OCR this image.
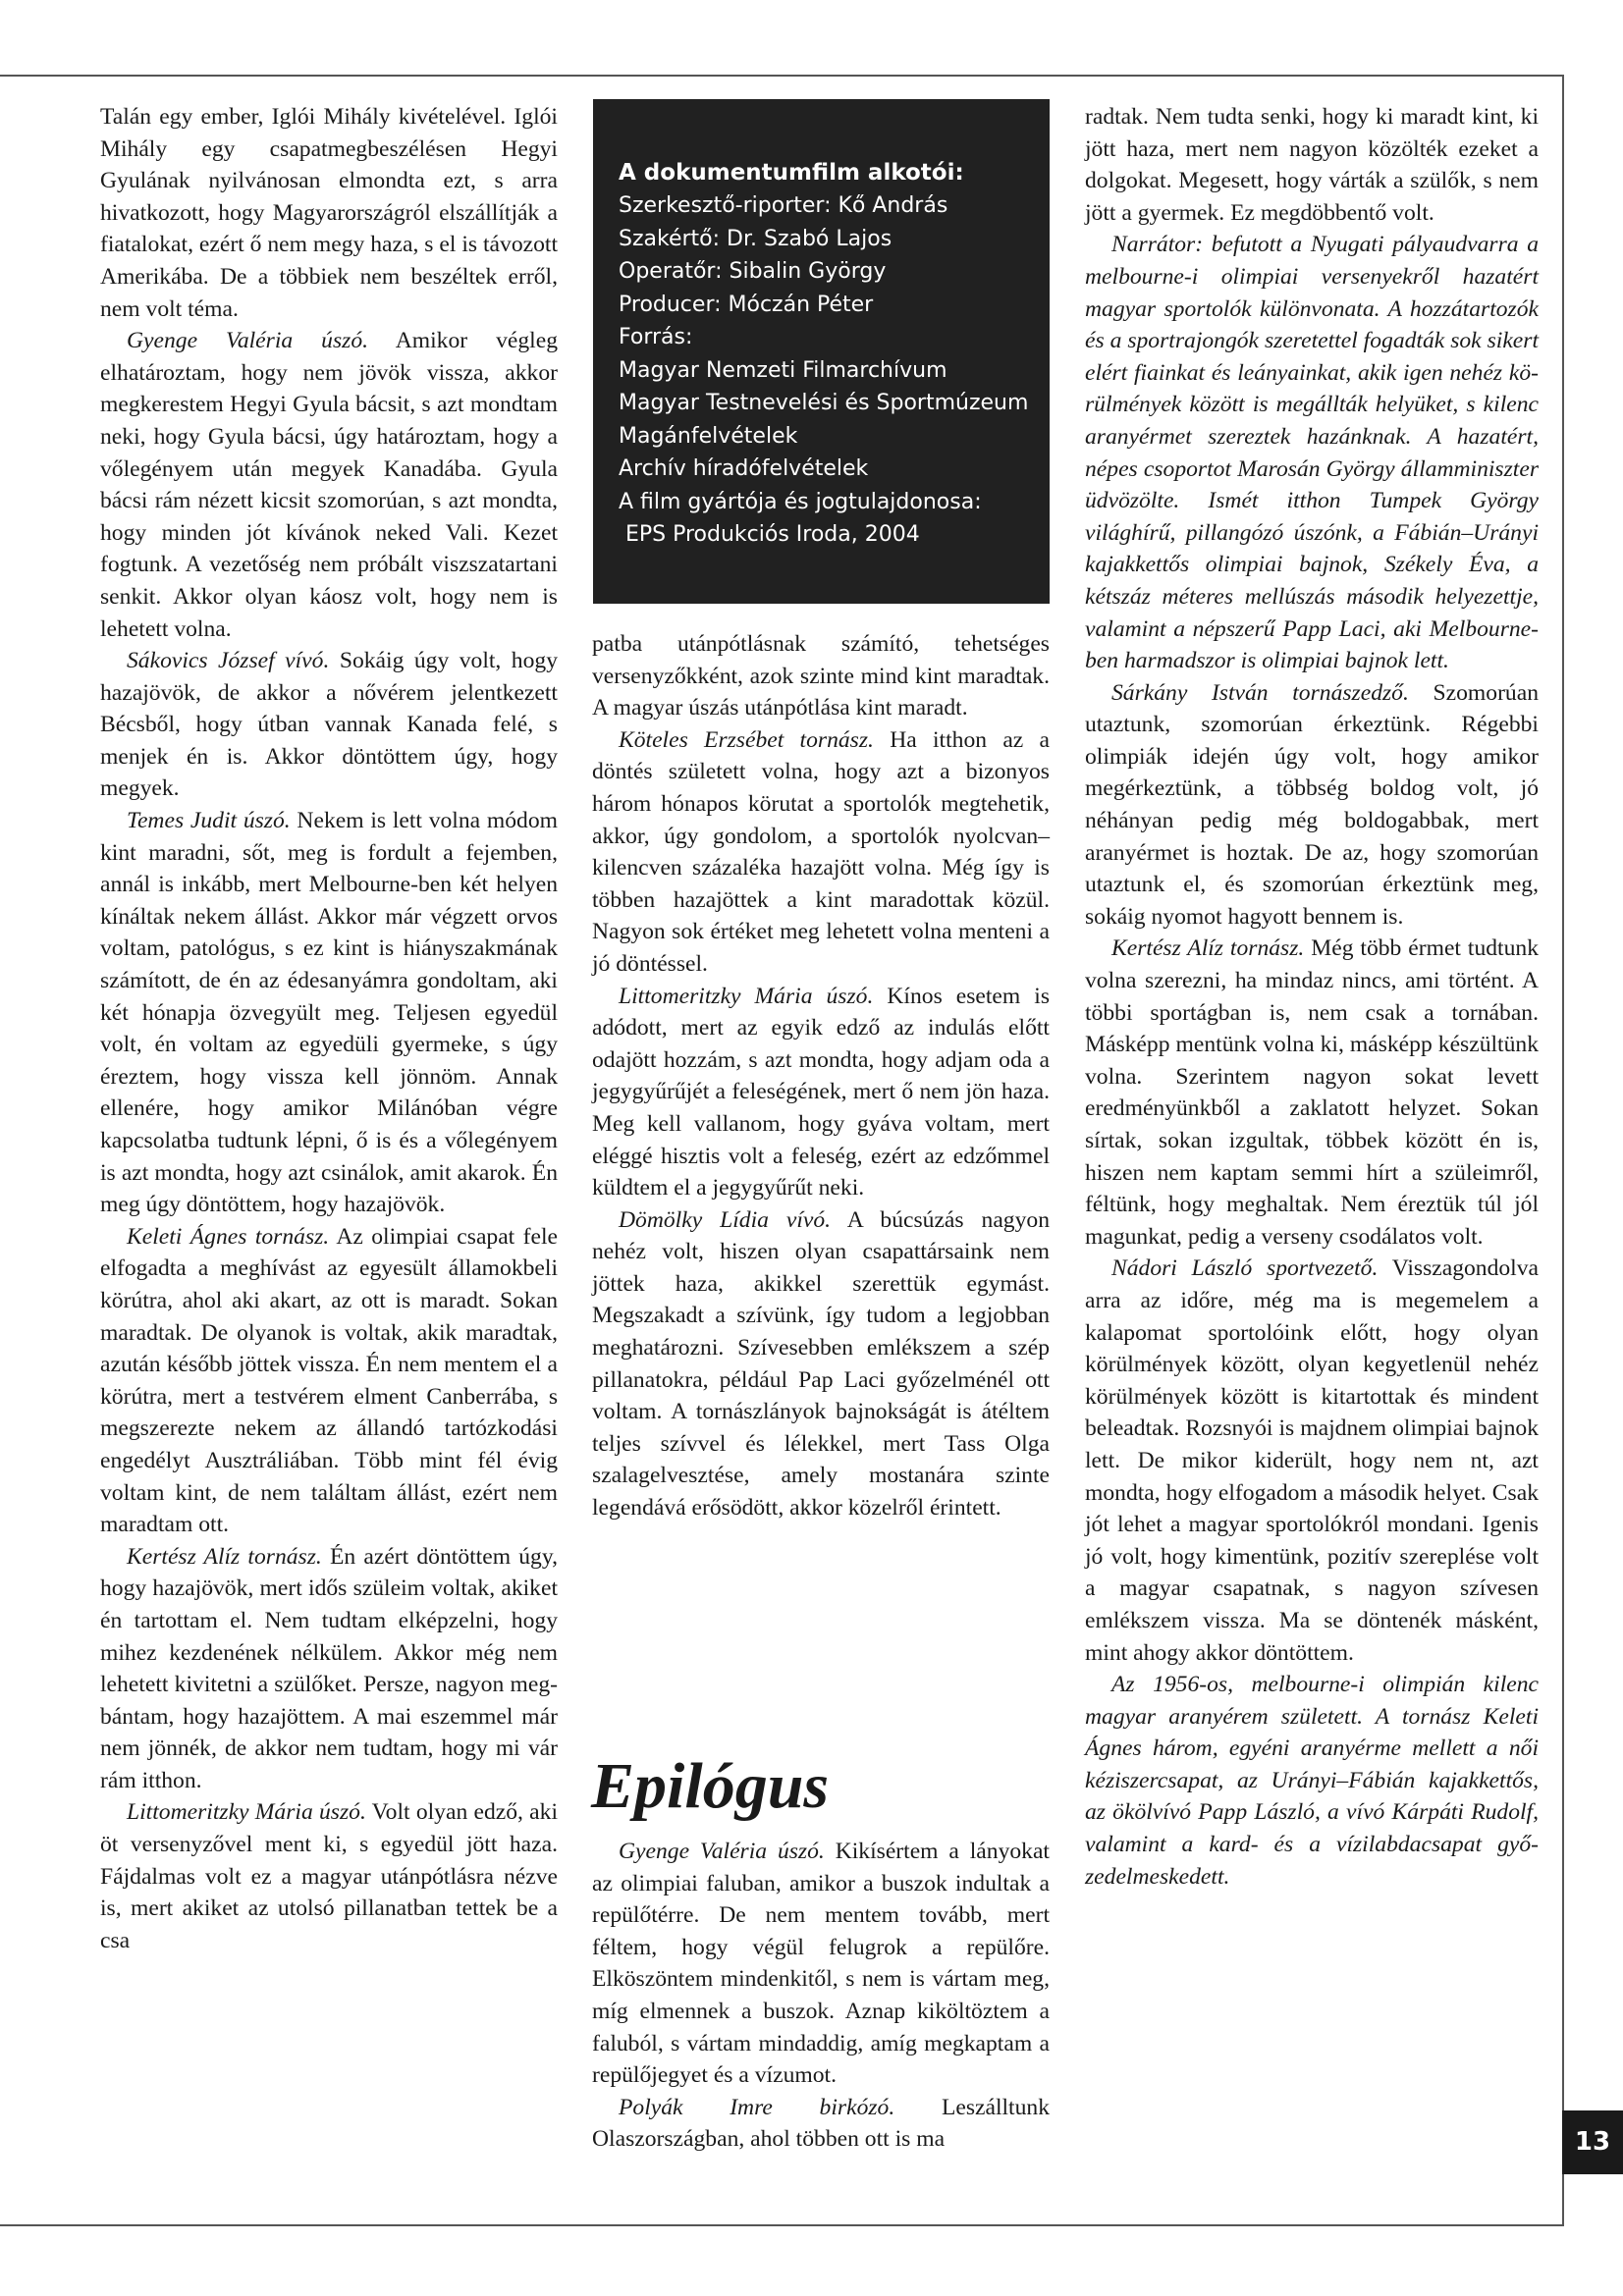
Talán egy ember, Iglói Mihály kivételével. Iglói Mihály egy csapatmegbeszélésen Hegyi Gyulának nyilvánosan elmondta ezt, s arra hivatkozott, hogy Magyarországról elszállítják a fiatalokat, ezért ő nem megy haza, s el is távozott Amerikába. De a többiek nem beszéltek erről, nem volt téma.

Gyenge Valéria úszó. Amikor végleg elhatároztam, hogy nem jövök vissza, akkor megkerestem Hegyi Gyula bácsit, s azt mondtam neki, hogy Gyula bácsi, úgy határoztam, hogy a vőlegényem után megyek Kanadába. Gyula bácsi rám nézett kicsit szomorúan, s azt mondta, hogy minden jót kívánok neked Vali. Kezet fogtunk. A vezetőség nem próbált viszszatartani senkit. Akkor olyan káosz volt, hogy nem is lehetett volna.

Sákovics József vívó. Sokáig úgy volt, hogy hazajövök, de akkor a nővérem jelentkezett Bécsből, hogy útban vannak Kanada felé, s menjek én is. Akkor döntöttem úgy, hogy megyek.

Temes Judit úszó. Nekem is lett volna módom kint maradni, sőt, meg is fordult a fejemben, annál is inkább, mert Melbourne-ben két helyen kínáltak nekem állást. Akkor már végzett orvos voltam, patológus, s ez kint is hiányszakmának számított, de én az édesanyámra gondoltam, aki két hónapja özvegyült meg. Teljesen egyedül volt, én voltam az egyedüli gyermeke, s úgy éreztem, hogy vissza kell jönnöm. Annak ellenére, hogy amikor Milánóban végre kapcsolatba tudtunk lépni, ő is és a vőlegényem is azt mondta, hogy azt csinálok, amit akarok. Én meg úgy döntöttem, hogy hazajövök.

Keleti Ágnes tornász. Az olimpiai csapat fele elfogadta a meghívást az egyesült államokbeli körútra, ahol aki akart, az ott is maradt. Sokan maradtak. De olyanok is voltak, akik maradtak, azután később jöttek vissza. Én nem mentem el a körútra, mert a testvérem elment Canberrába, s megszerezte nekem az állandó tartózkodási engedélyt Ausztráliában. Több mint fél évig voltam kint, de nem találtam állást, ezért nem maradtam ott.

Kertész Alíz tornász. Én azért döntöttem úgy, hogy hazajövök, mert idős szüleim voltak, akiket én tartottam el. Nem tudtam elképzelni, hogy mihez kezdenének nélkülem. Akkor még nem lehetett kivitetni a szülőket. Persze, nagyon megbántam, hogy hazajöttem. A mai eszemmel már nem jönnék, de akkor nem tudtam, hogy mi vár rám itthon.

Littomeritzky Mária úszó. Volt olyan edző, aki öt versenyzővel ment ki, s egyedül jött haza. Fájdalmas volt ez a magyar utánpótlásra nézve is, mert akiket az utolsó pillanatban tettek be a csa

A dokumentumfilm alkotói:
Szerkesztő-riporter: Kő András
Szakértő: Dr. Szabó Lajos
Operatőr: Sibalin György
Producer: Móczán Péter
Forrás:
Magyar Nemzeti Filmarchívum
Magyar Testnevelési és Sportmúzeum
Magánfelvételek
Archív híradófelvételek
A film gyártója és jogtulajdonosa:
EPS Produkciós Iroda, 2004

patba utánpótlásnak számító, tehetséges versenyzőkként, azok szinte mind kint maradtak. A magyar úszás utánpótlása kint maradt.

Köteles Erzsébet tornász. Ha itthon az a döntés született volna, hogy azt a bizonyos három hónapos körutat a sportolók megtehetik, akkor, úgy gondolom, a sportolók nyolcvan–kilencven százaléka hazajött volna. Még így is többen hazajöttek a kint maradottak közül. Nagyon sok értéket meg lehetett volna menteni a jó döntéssel.

Littomeritzky Mária úszó. Kínos esetem is adódott, mert az egyik edző az indulás előtt odajött hozzám, s azt mondta, hogy adjam oda a jegygyűrűjét a feleségének, mert ő nem jön haza. Meg kell vallanom, hogy gyáva voltam, mert eléggé hisztis volt a feleség, ezért az edzőmmel küldtem el a jegygyűrűt neki.

Dömölky Lídia vívó. A búcsúzás nagyon nehéz volt, hiszen olyan csapattársaink nem jöttek haza, akikkel szerettük egymást. Megszakadt a szívünk, így tudom a legjobban meghatározni. Szívesebben emlékszem a szép pillanatokra, például Pap Laci győzelménél ott voltam. A tornászlányok bajnokságát is átéltem teljes szívvel és lélekkel, mert Tass Olga szalagelvesztése, amely mostanára szinte legendává erősödött, akkor közelről érintett.

Epilógus

Gyenge Valéria úszó. Kikísértem a lányokat az olimpiai faluban, amikor a buszok indultak a repülőtérre. De nem mentem tovább, mert féltem, hogy végül felugrok a repülőre. Elköszöntem mindenkitől, s nem is vártam meg, míg elmennek a buszok. Aznap kiköltöztem a faluból, s vártam mindaddig, amíg megkaptam a repülőjegyet és a vízumot.

Polyák Imre birkózó. Leszálltunk Olaszországban, ahol többen ott is ma

radtak. Nem tudta senki, hogy ki maradt kint, ki jött haza, mert nem nagyon közölték ezeket a dolgokat. Megesett, hogy várták a szülők, s nem jött a gyermek. Ez megdöbbentő volt.

Narrátor: befutott a Nyugati pályaudvarra a melbourne-i olimpiai versenyekről hazatért magyar sportolók különvonata. A hozzátartozók és a sportrajongók szeretettel fogadták sok sikert elért fiainkat és leányainkat, akik igen nehéz körülmények között is megállták helyüket, s kilenc aranyérmet szereztek hazánknak. A hazatért, népes csoportot Marosán György államminiszter üdvözölte. Ismét itthon Tumpek György világhírű, pillangózó úszónk, a Fábián–Urányi kajakkettős olimpiai bajnok, Székely Éva, a kétszáz méteres mellúszás második helyezettje, valamint a népszerű Papp Laci, aki Melbourne-ben harmadszor is olimpiai bajnok lett.

Sárkány István tornászedző. Szomorúan utaztunk, szomorúan érkeztünk. Régebbi olimpiák idején úgy volt, hogy amikor megérkeztünk, a többség boldog volt, jó néhányan pedig még boldogabbak, mert aranyérmet is hoztak. De az, hogy szomorúan utaztunk el, és szomorúan érkeztünk meg, sokáig nyomot hagyott bennem is.

Kertész Alíz tornász. Még több érmet tudtunk volna szerezni, ha mindaz nincs, ami történt. A többi sportágban is, nem csak a tornában. Másképp mentünk volna ki, másképp készültünk volna. Szerintem nagyon sokat levett eredményünkből a zaklatott helyzet. Sokan sírtak, sokan izgultak, többek között én is, hiszen nem kaptam semmi hírt a szüleimről, féltünk, hogy meghaltak. Nem éreztük túl jól magunkat, pedig a verseny csodálatos volt.

Nádori László sportvezető. Visszagondolva arra az időre, még ma is megemelem a kalapomat sportolóink előtt, hogy olyan körülmények között, olyan kegyetlenül nehéz körülmények között is kitartottak és mindent beleadtak. Rozsnyói is majdnem olimpiai bajnok lett. De mikor kiderült, hogy nem nt, azt mondta, hogy elfogadom a második helyet. Csak jót lehet a magyar sportolókról mondani. Igenis jó volt, hogy kimentünk, pozitív szereplése volt a magyar csapatnak, s nagyon szívesen emlékszem vissza. Ma se döntenék másként, mint ahogy akkor döntöttem.

Az 1956-os, melbourne-i olimpián kilenc magyar aranyérem született. A tornász Keleti Ágnes három, egyéni aranyérme mellett a női kéziszercsapat, az Urányi–Fábián kajakkettős, az ökölvívó Papp László, a vívó Kárpáti Rudolf, valamint a kard- és a vízilabdacsapat győzedelmeskedett.

13
